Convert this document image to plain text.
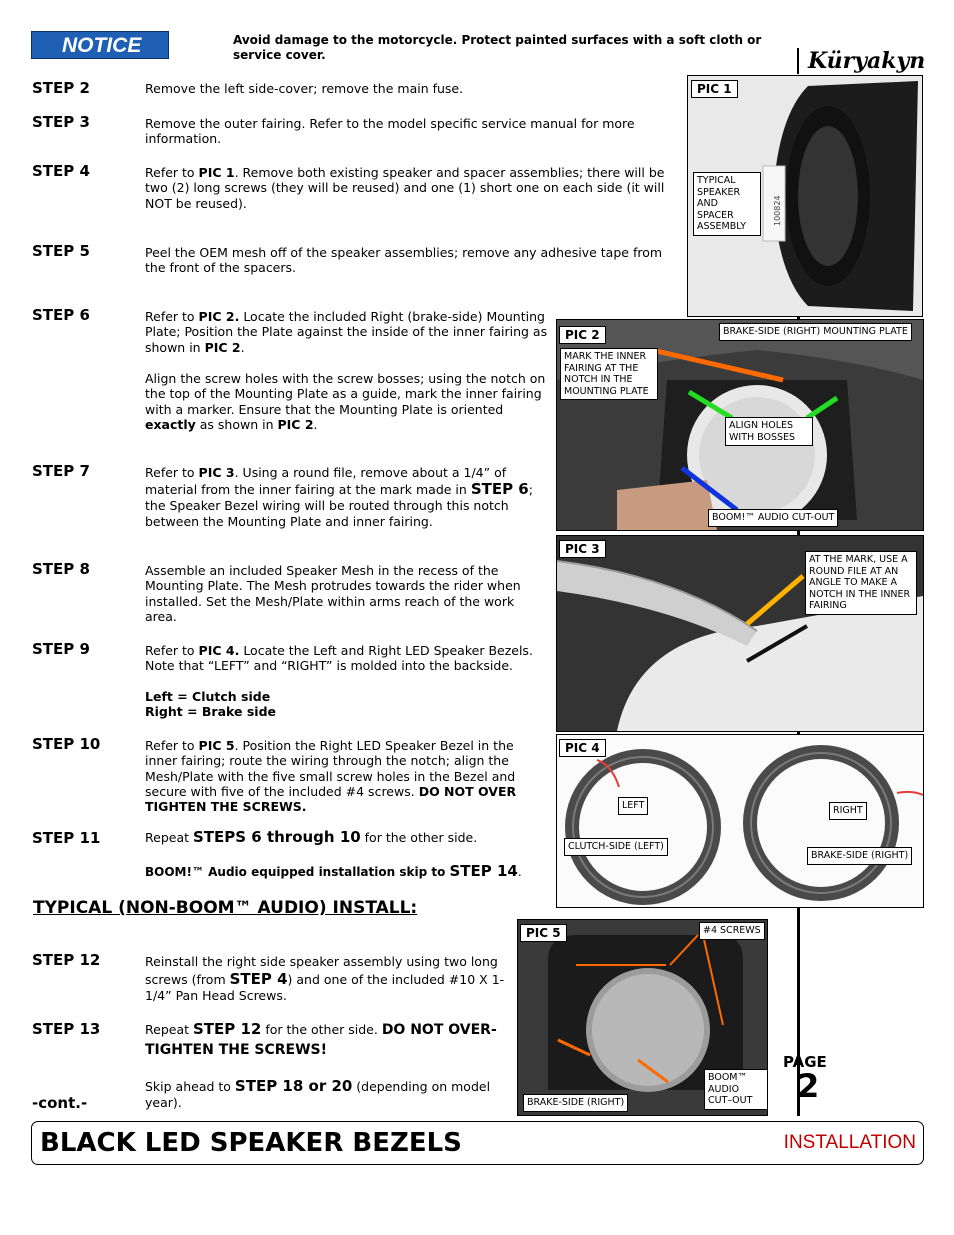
NOTICE	Avoid damage to the motorcycle. Protect painted surfaces with a soft cloth or service cover.	Küryakyn
STEP 2	Remove the left side-cover; remove the main fuse.
STEP 3	Remove the outer fairing. Refer to the model specific service manual for more information.
STEP 4	Refer to PIC 1. Remove both existing speaker and spacer assemblies; there will be two (2) long screws (they will be reused) and one (1) short one on each side (it will NOT be reused).
STEP 5	Peel the OEM mesh off of the speaker assemblies; remove any adhesive tape from the front of the spacers.
STEP 6	Refer to PIC 2. Locate the included Right (brake-side) Mounting Plate; Position the Plate against the inside of the inner fairing as shown in PIC 2.
Align the screw holes with the screw bosses; using the notch on the top of the Mounting Plate as a guide, mark the inner fairing with a marker. Ensure that the Mounting Plate is oriented exactly as shown in PIC 2.
STEP 7	Refer to PIC 3. Using a round file, remove about a 1/4” of material from the inner fairing at the mark made in STEP 6; the Speaker Bezel wiring will be routed through this notch between the Mounting Plate and inner fairing.
STEP 8	Assemble an included Speaker Mesh in the recess of the Mounting Plate. The Mesh protrudes towards the rider when installed. Set the Mesh/Plate within arms reach of the work area.
STEP 9	Refer to PIC 4. Locate the Left and Right LED Speaker Bezels. Note that “LEFT” and “RIGHT” is molded into the backside.
Left = Clutch side
Right = Brake side
STEP 10	Refer to PIC 5. Position the Right LED Speaker Bezel in the inner fairing; route the wiring through the notch; align the Mesh/Plate with the five small screw holes in the Bezel and secure with five of the included #4 screws. DO NOT OVER TIGHTEN THE SCREWS.
STEP 11	Repeat STEPS 6 through 10 for the other side.
BOOM!™ Audio equipped installation skip to STEP 14.
TYPICAL (NON-BOOM™ AUDIO) INSTALL:
STEP 12	Reinstall the right side speaker assembly using two long screws (from STEP 4) and one of the included #10 X 1-1/4” Pan Head Screws.
STEP 13	Repeat STEP 12 for the other side. DO NOT OVER-TIGHTEN THE SCREWS!
-cont.-
Skip ahead to STEP 18 or 20 (depending on model year).
100824
PIC 1
TYPICAL SPEAKER AND SPACER ASSEMBLY
PIC 2	BRAKE-SIDE (RIGHT) MOUNTING PLATE
MARK THE INNER FAIRING AT THE NOTCH IN THE MOUNTING PLATE
ALIGN HOLES WITH BOSSES
BOOM!™ AUDIO CUT-OUT
PIC 3
AT THE MARK, USE A ROUND FILE AT AN ANGLE TO MAKE A NOTCH IN THE INNER FAIRING
PIC 4
LEFT
CLUTCH-SIDE (LEFT)
RIGHT
BRAKE-SIDE (RIGHT)
PIC 5	#4 SCREWS
BRAKE-SIDE (RIGHT)
BOOM™ AUDIO CUT–OUT
PAGE
2
BLACK LED SPEAKER BEZELS	INSTALLATION
